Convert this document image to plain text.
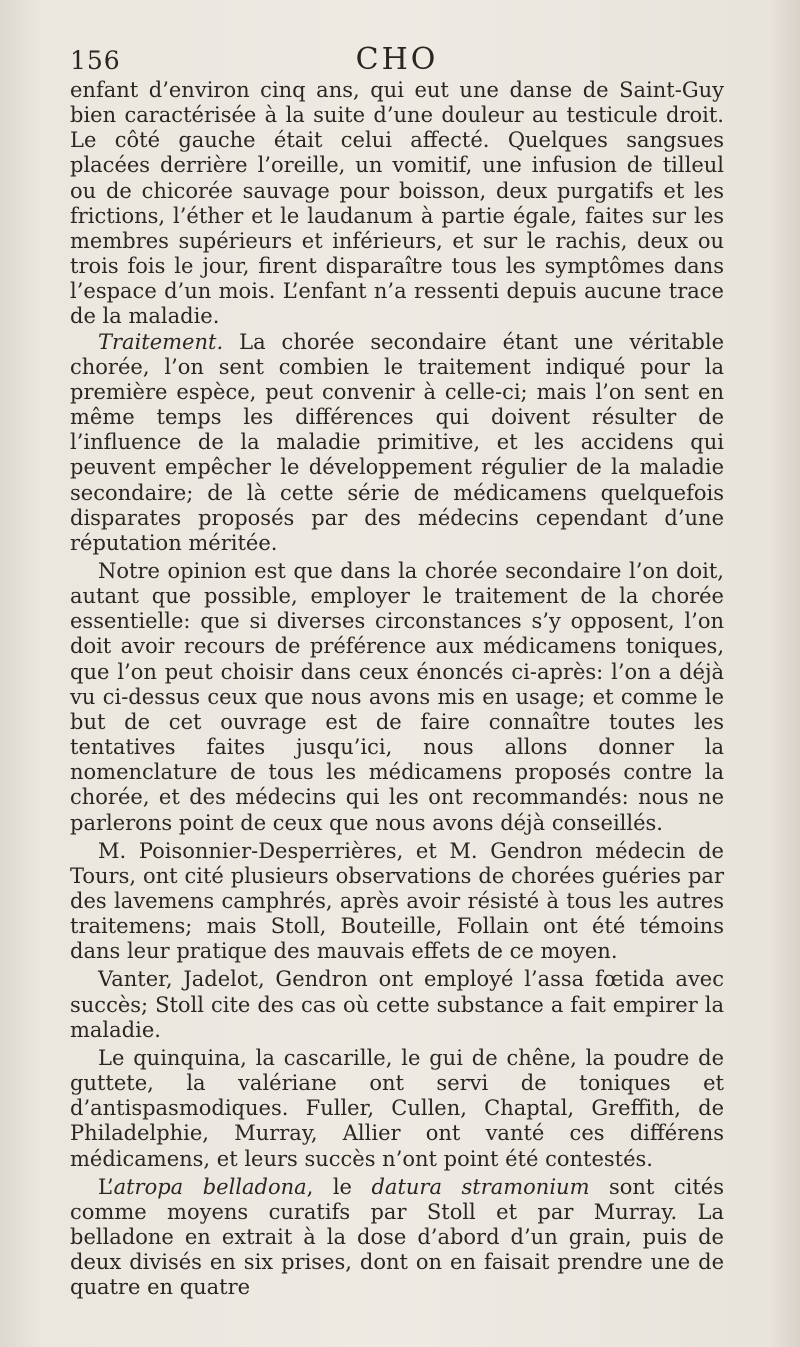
156	CHO

enfant d’environ cinq ans, qui eut une danse de Saint-Guy bien caractérisée à la suite d’une douleur au testicule droit. Le côté gauche était celui affecté. Quelques sangsues placées derrière l’oreille, un vomitif, une infusion de tilleul ou de chicorée sauvage pour boisson, deux purgatifs et les frictions, l’éther et le laudanum à partie égale, faites sur les membres supérieurs et inférieurs, et sur le rachis, deux ou trois fois le jour, firent disparaître tous les symptômes dans l’espace d’un mois. L’enfant n’a ressenti depuis aucune trace de la maladie.

Traitement. La chorée secondaire étant une véritable chorée, l’on sent combien le traitement indiqué pour la première espèce, peut convenir à celle-ci; mais l’on sent en même temps les différences qui doivent résulter de l’influence de la maladie primitive, et les accidens qui peuvent empêcher le développement régulier de la maladie secondaire; de là cette série de médicamens quelquefois disparates proposés par des médecins cependant d’une réputation méritée.

Notre opinion est que dans la chorée secondaire l’on doit, autant que possible, employer le traitement de la chorée essentielle: que si diverses circonstances s’y opposent, l’on doit avoir recours de préférence aux médicamens toniques, que l’on peut choisir dans ceux énoncés ci-après: l’on a déjà vu ci-dessus ceux que nous avons mis en usage; et comme le but de cet ouvrage est de faire connaître toutes les tentatives faites jusqu’ici, nous allons donner la nomenclature de tous les médicamens proposés contre la chorée, et des médecins qui les ont recommandés: nous ne parlerons point de ceux que nous avons déjà conseillés.

M. Poisonnier-Desperrières, et M. Gendron médecin de Tours, ont cité plusieurs observations de chorées guéries par des lavemens camphrés, après avoir résisté à tous les autres traitemens; mais Stoll, Bouteille, Follain ont été témoins dans leur pratique des mauvais effets de ce moyen.

Vanter, Jadelot, Gendron ont employé l’assa fœtida avec succès; Stoll cite des cas où cette substance a fait empirer la maladie.

Le quinquina, la cascarille, le gui de chêne, la poudre de guttete, la valériane ont servi de toniques et d’antispasmodiques. Fuller, Cullen, Chaptal, Greffith, de Philadelphie, Murray, Allier ont vanté ces différens médicamens, et leurs succès n’ont point été contestés.

L’atropa belladona, le datura stramonium sont cités comme moyens curatifs par Stoll et par Murray. La belladone en extrait à la dose d’abord d’un grain, puis de deux divisés en six prises, dont on en faisait prendre une de quatre en quatre
